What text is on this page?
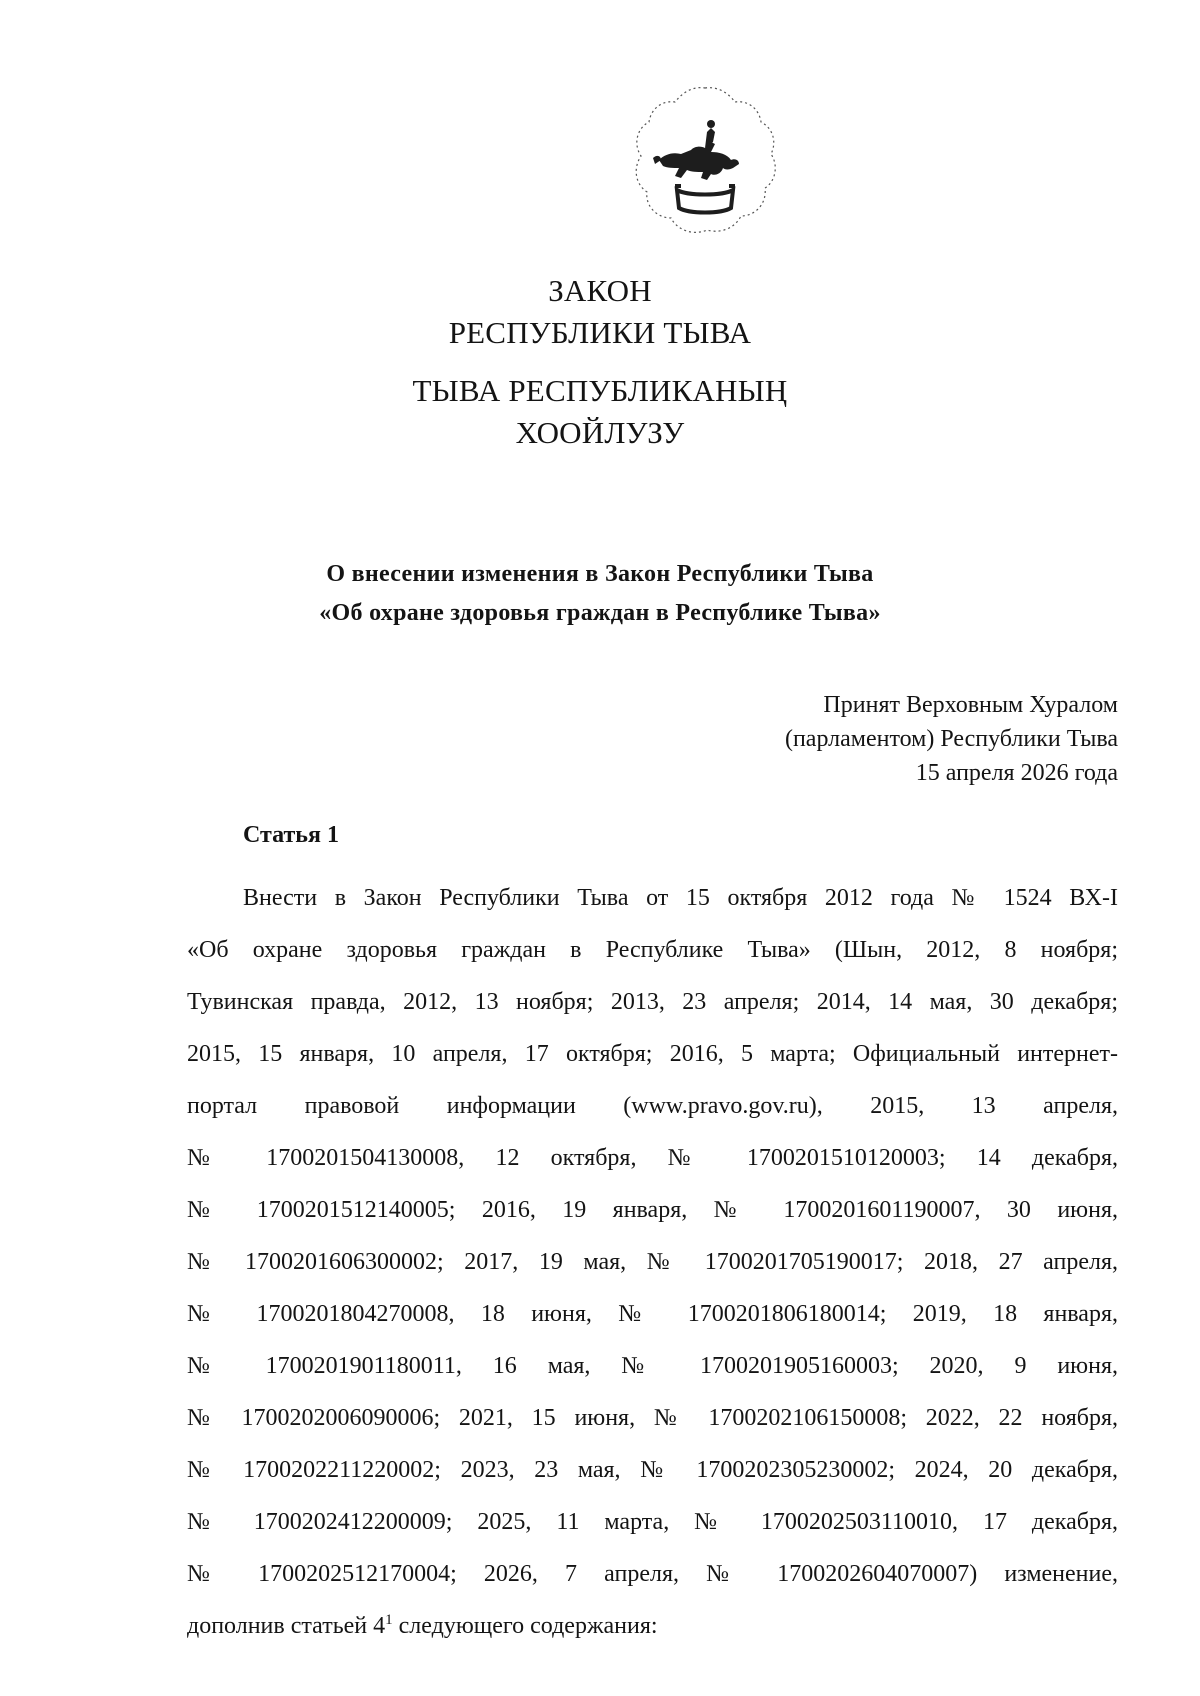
ЗАКОН
РЕСПУБЛИКИ ТЫВА
ТЫВА РЕСПУБЛИКАНЫҢ
ХООЙЛУЗУ
О внесении изменения в Закон Республики Тыва
«Об охране здоровья граждан в Республике Тыва»
Принят Верховным Хуралом
(парламентом) Республики Тыва
15 апреля 2026 года
Статья 1
Внести в Закон Республики Тыва от 15 октября 2012 года № 1524 ВХ-I
«Об охране здоровья граждан в Республике Тыва» (Шын, 2012, 8 ноября;
Тувинская правда, 2012, 13 ноября; 2013, 23 апреля; 2014, 14 мая, 30 декабря;
2015, 15 января, 10 апреля, 17 октября; 2016, 5 марта; Официальный интернет-
портал правовой информации (www.pravo.gov.ru), 2015, 13 апреля,
№ 1700201504130008, 12 октября, № 1700201510120003; 14 декабря,
№ 1700201512140005; 2016, 19 января, № 1700201601190007, 30 июня,
№ 1700201606300002; 2017, 19 мая, № 1700201705190017; 2018, 27 апреля,
№ 1700201804270008, 18 июня, № 1700201806180014; 2019, 18 января,
№ 1700201901180011, 16 мая, № 1700201905160003; 2020, 9 июня,
№ 1700202006090006; 2021, 15 июня, № 1700202106150008; 2022, 22 ноября,
№ 1700202211220002; 2023, 23 мая, № 1700202305230002; 2024, 20 декабря,
№ 1700202412200009; 2025, 11 марта, № 1700202503110010, 17 декабря,
№ 1700202512170004; 2026, 7 апреля, № 1700202604070007) изменение,
дополнив статьей $4^1$ следующего содержания:
